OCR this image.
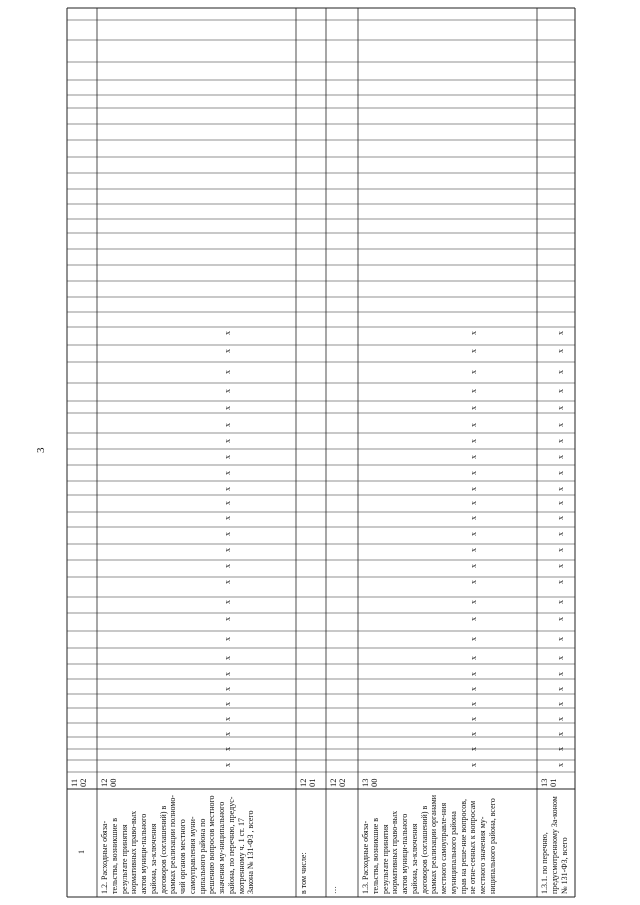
3
1
11 02
1.2. Расходные обяза-тельства, возникшие в результате принятия нормативных право-вых актов муници-пального района, за-ключения договоров (соглашений) в рамках реализации полномо-чий органов местного самоуправления муни-ципального района по решению вопросов местного значения му-ниципального района, по перечню, предус-мотренному ч. 1 ст. 17 Закона № 131-ФЗ , всего
12 00
x
x
x
x
x
x
x
x
x
x
x
x
x
x
x
x
x
x
x
x
x
x
x
x
x
x
x
в том числе:
12 01
…
12 02
1.3. Расходные обяза-тельства, возникшие в результате принятия нормативных право-вых актов муници-пального района, за-ключения договоров (соглашений) в рамках реализации органами местного самоуправле-ния муниципального района прав на реше-ние вопросов, не отне-сенных к вопросам местного значения му-ниципального района, всего
13 00
x
x
x
x
x
x
x
x
x
x
x
x
x
x
x
x
x
x
x
x
x
x
x
x
x
x
x
1.3.1. по перечню, предусмотренному За-коном № 131-ФЗ, всего
13 01
x
x
x
x
x
x
x
x
x
x
x
x
x
x
x
x
x
x
x
x
x
x
x
x
x
x
x
